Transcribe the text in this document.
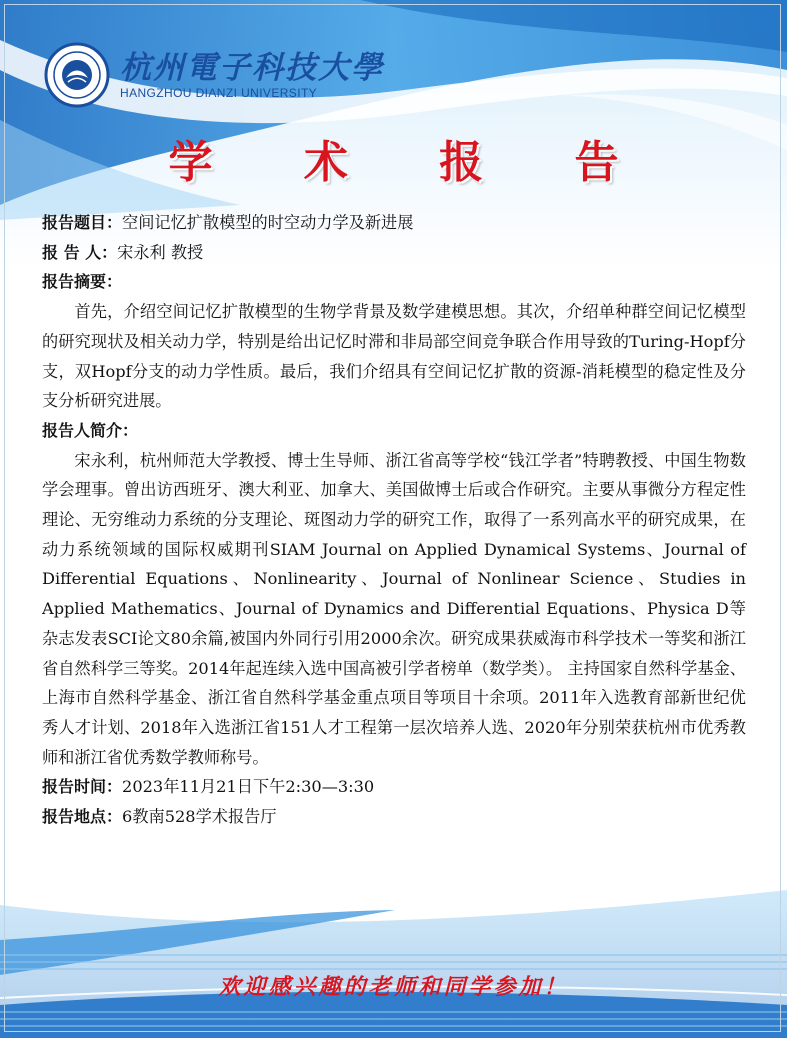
杭州電子科技大學
HANGZHOU DIANZI UNIVERSITY
学 术 报 告
报告题目：空间记忆扩散模型的时空动力学及新进展
报 告 人：宋永利 教授
报告摘要：
首先，介绍空间记忆扩散模型的生物学背景及数学建模思想。其次，介绍单种群空间记忆模型的研究现状及相关动力学，特别是给出记忆时滞和非局部空间竞争联合作用导致的Turing-Hopf分支，双Hopf分支的动力学性质。最后，我们介绍具有空间记忆扩散的资源-消耗模型的稳定性及分支分析研究进展。
报告人简介：
宋永利，杭州师范大学教授、博士生导师、浙江省高等学校“钱江学者”特聘教授、中国生物数学会理事。曾出访西班牙、澳大利亚、加拿大、美国做博士后或合作研究。主要从事微分方程定性理论、无穷维动力系统的分支理论、斑图动力学的研究工作，取得了一系列高水平的研究成果，在动力系统领域的国际权威期刊SIAM Journal on Applied Dynamical Systems、Journal of Differential Equations、Nonlinearity、Journal of Nonlinear Science、Studies in Applied Mathematics、Journal of Dynamics and Differential Equations、Physica D等杂志发表SCI论文80余篇,被国内外同行引用2000余次。研究成果获威海市科学技术一等奖和浙江省自然科学三等奖。2014年起连续入选中国高被引学者榜单（数学类）。 主持国家自然科学基金、上海市自然科学基金、浙江省自然科学基金重点项目等项目十余项。2011年入选教育部新世纪优秀人才计划、2018年入选浙江省151人才工程第一层次培养人选、2020年分别荣获杭州市优秀教师和浙江省优秀数学教师称号。
报告时间：2023年11月21日下午2:30—3:30
报告地点：6教南528学术报告厅
欢迎感兴趣的老师和同学参加！
